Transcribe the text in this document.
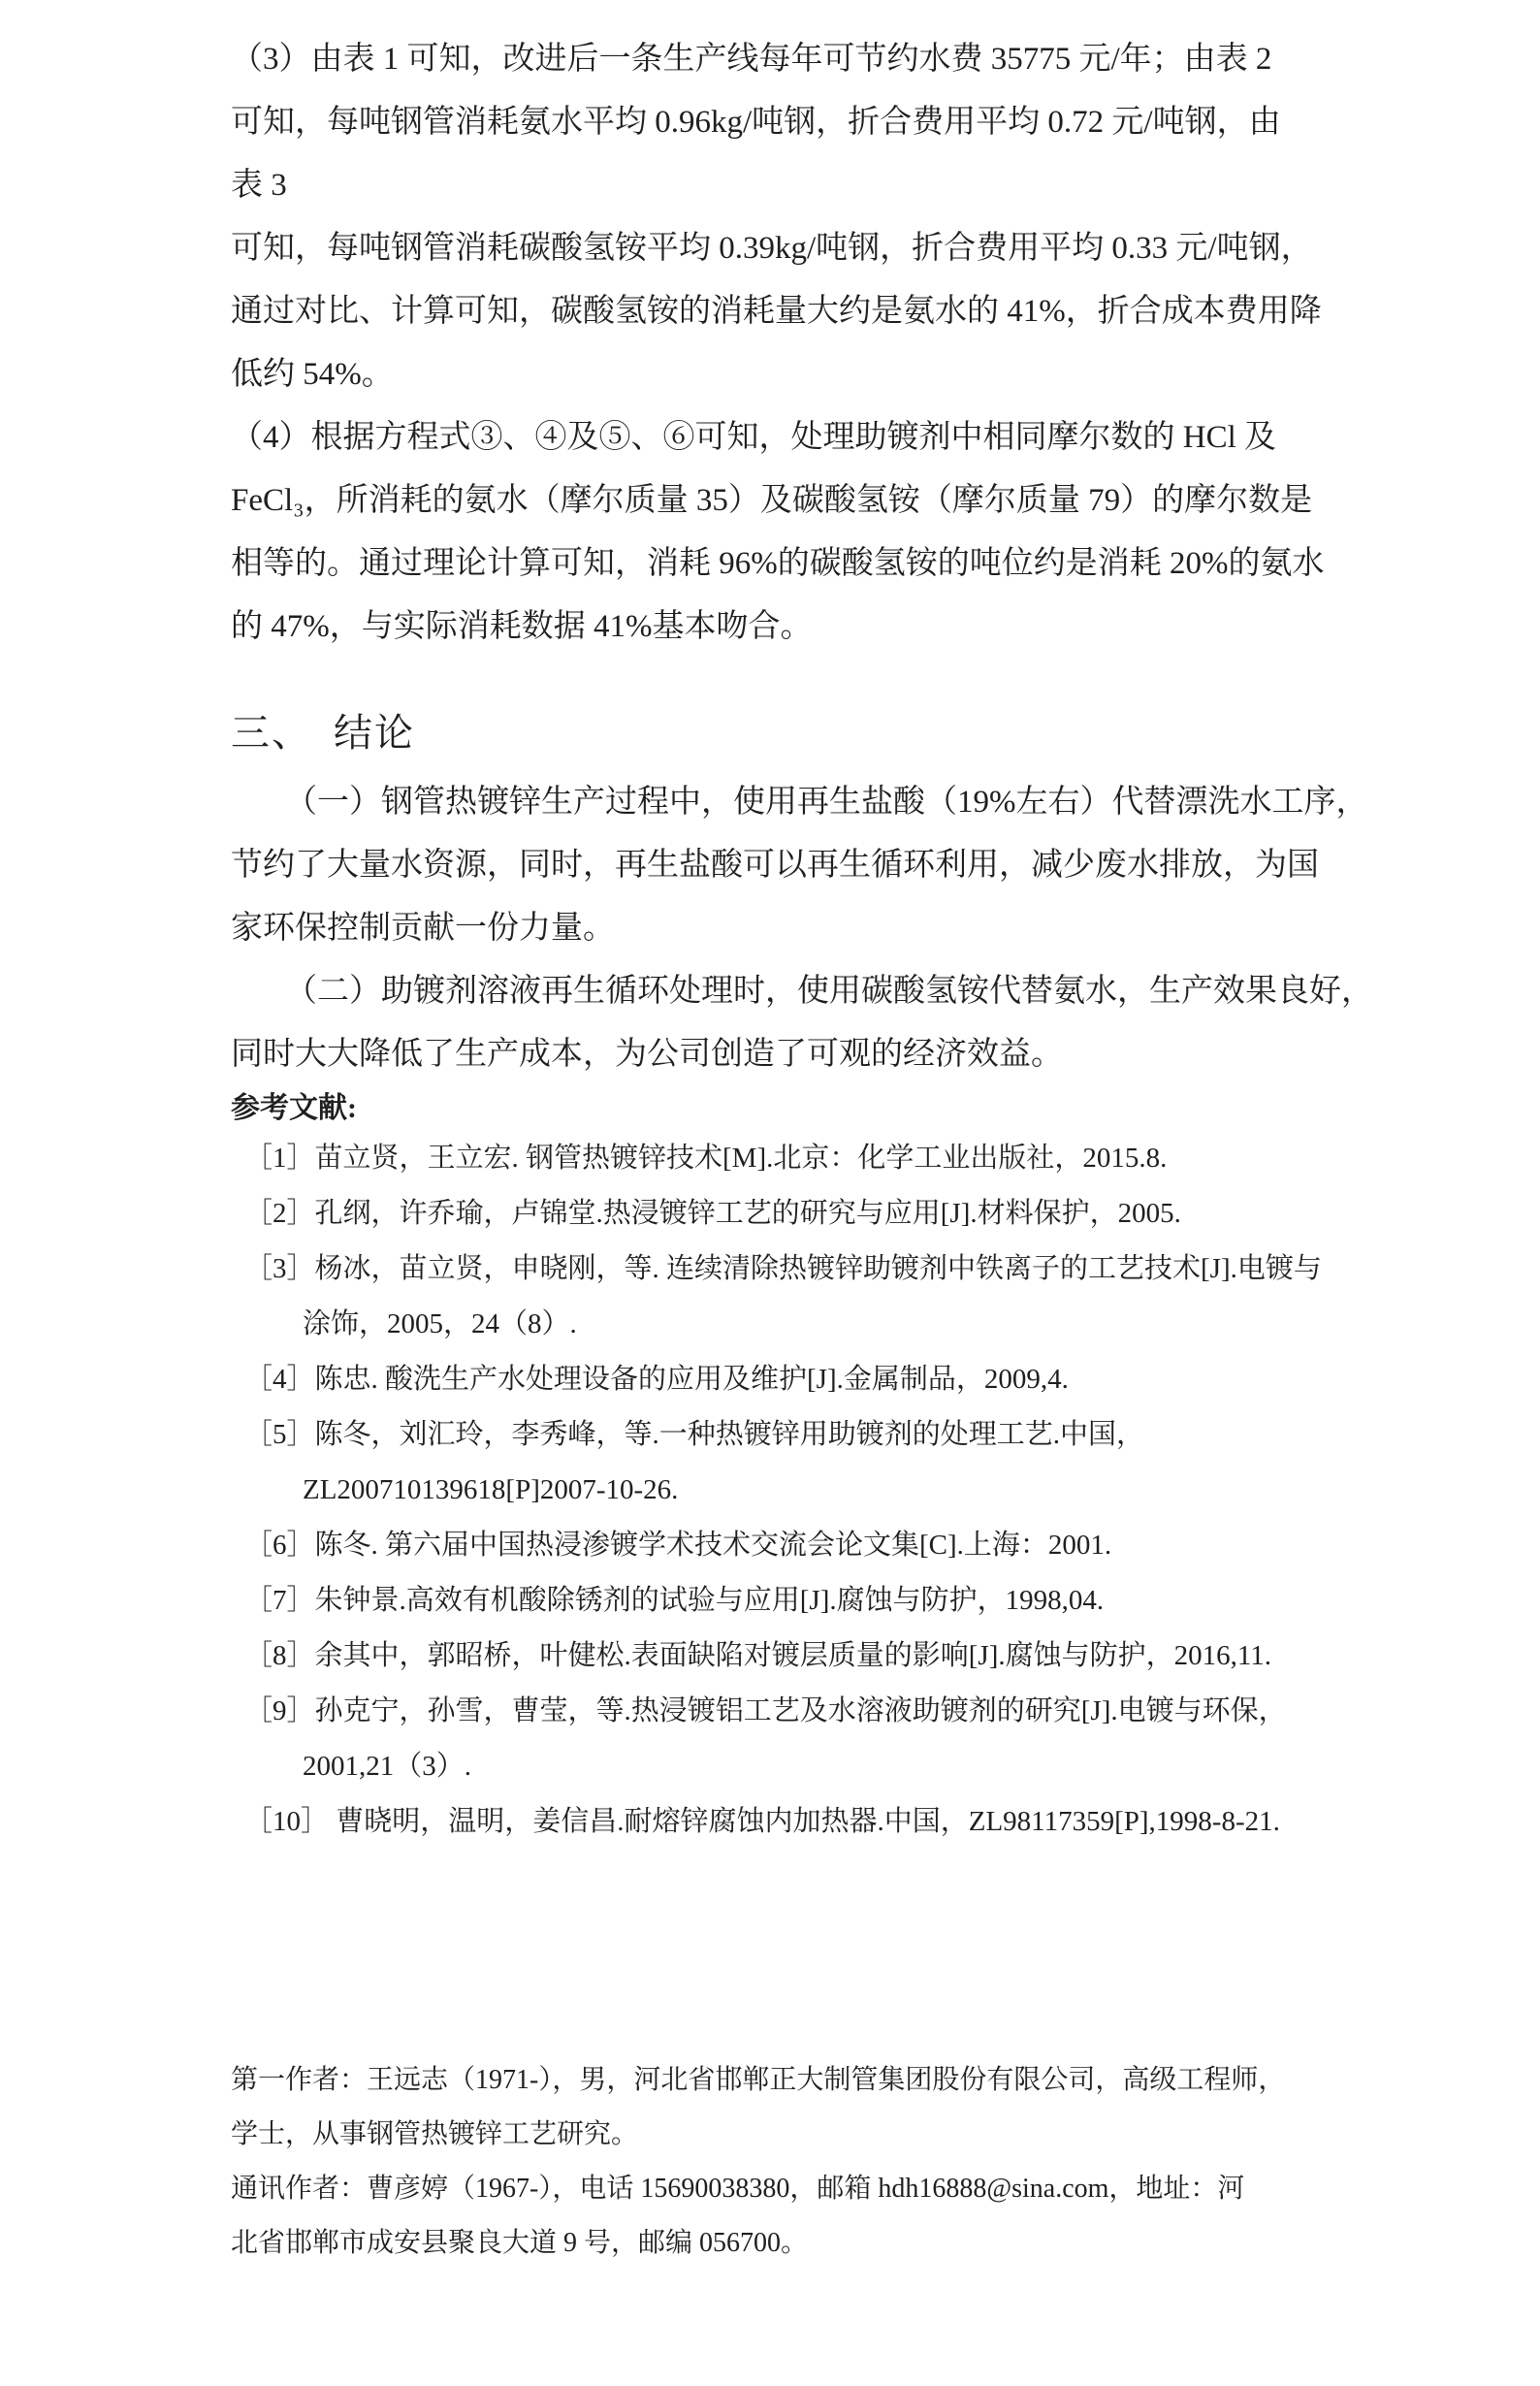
（3）由表 1 可知，改进后一条生产线每年可节约水费 35775 元/年；由表 2
可知，每吨钢管消耗氨水平均 0.96kg/吨钢，折合费用平均 0.72 元/吨钢，由
表 3
可知，每吨钢管消耗碳酸氢铵平均 0.39kg/吨钢，折合费用平均 0.33 元/吨钢，
通过对比、计算可知，碳酸氢铵的消耗量大约是氨水的 41%，折合成本费用降
低约 54%。
（4）根据方程式③、④及⑤、⑥可知，处理助镀剂中相同摩尔数的 HCl 及
FeCl₃，所消耗的氨水（摩尔质量 35）及碳酸氢铵（摩尔质量 79）的摩尔数是
相等的。通过理论计算可知，消耗 96%的碳酸氢铵的吨位约是消耗 20%的氨水
的 47%，与实际消耗数据 41%基本吻合。
三、　结论
（一）钢管热镀锌生产过程中，使用再生盐酸（19%左右）代替漂洗水工序，
节约了大量水资源，同时，再生盐酸可以再生循环利用，减少废水排放，为国
家环保控制贡献一份力量。
（二）助镀剂溶液再生循环处理时，使用碳酸氢铵代替氨水，生产效果良好，
同时大大降低了生产成本，为公司创造了可观的经济效益。
参考文献:
［1］苗立贤，王立宏. 钢管热镀锌技术[M].北京：化学工业出版社，2015.8.
［2］孔纲，许乔瑜，卢锦堂.热浸镀锌工艺的研究与应用[J].材料保护，2005.
［3］杨冰，苗立贤，申晓刚，等. 连续清除热镀锌助镀剂中铁离子的工艺技术[J].电镀与
涂饰，2005，24（8）.
［4］陈忠. 酸洗生产水处理设备的应用及维护[J].金属制品，2009,4.
［5］陈冬，刘汇玲，李秀峰，等.一种热镀锌用助镀剂的处理工艺.中国，
ZL200710139618[P]2007-10-26.
［6］陈冬. 第六届中国热浸渗镀学术技术交流会论文集[C].上海：2001.
［7］朱钟景.高效有机酸除锈剂的试验与应用[J].腐蚀与防护，1998,04.
［8］余其中，郭昭桥，叶健松.表面缺陷对镀层质量的影响[J].腐蚀与防护，2016,11.
［9］孙克宁，孙雪，曹莹，等.热浸镀铝工艺及水溶液助镀剂的研究[J].电镀与环保，
2001,21（3）.
［10］ 曹晓明，温明，姜信昌.耐熔锌腐蚀内加热器.中国，ZL98117359[P],1998-8-21.
第一作者：王远志（1971-），男，河北省邯郸正大制管集团股份有限公司，高级工程师，
学士，从事钢管热镀锌工艺研究。
通讯作者：曹彦婷（1967-），电话 15690038380，邮箱 hdh16888@sina.com，地址：河
北省邯郸市成安县聚良大道 9 号，邮编 056700。
